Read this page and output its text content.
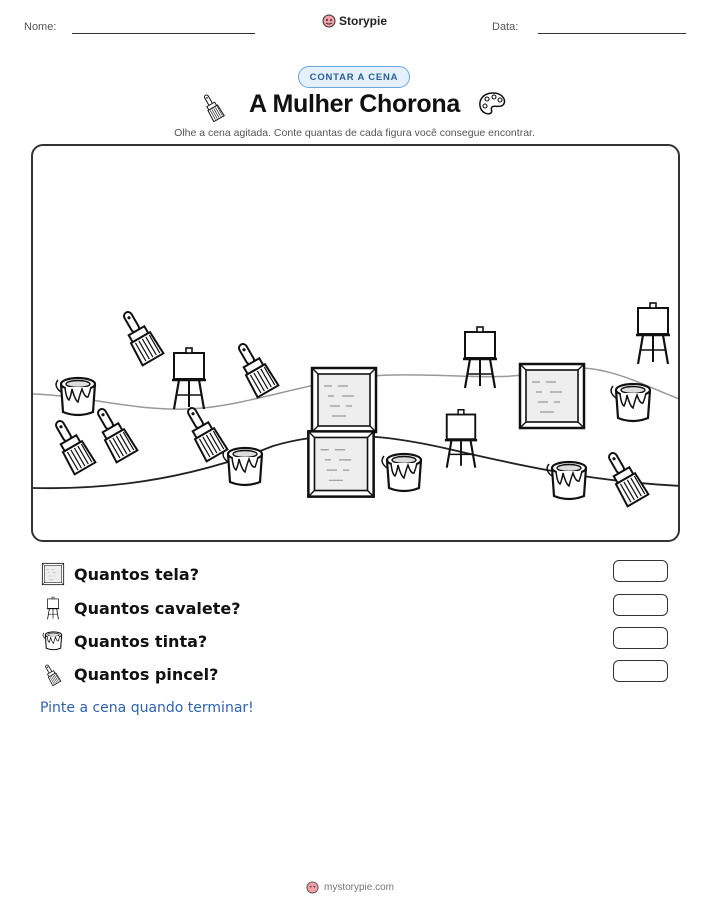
Nome:	Storypie	Data:
CONTAR A CENA
A Mulher Chorona
Olhe a cena agitada. Conte quantas de cada figura você consegue encontrar.
Quantos tela?
Quantos cavalete?
Quantos tinta?
Quantos pincel?
Pinte a cena quando terminar!
mystorypie.com
